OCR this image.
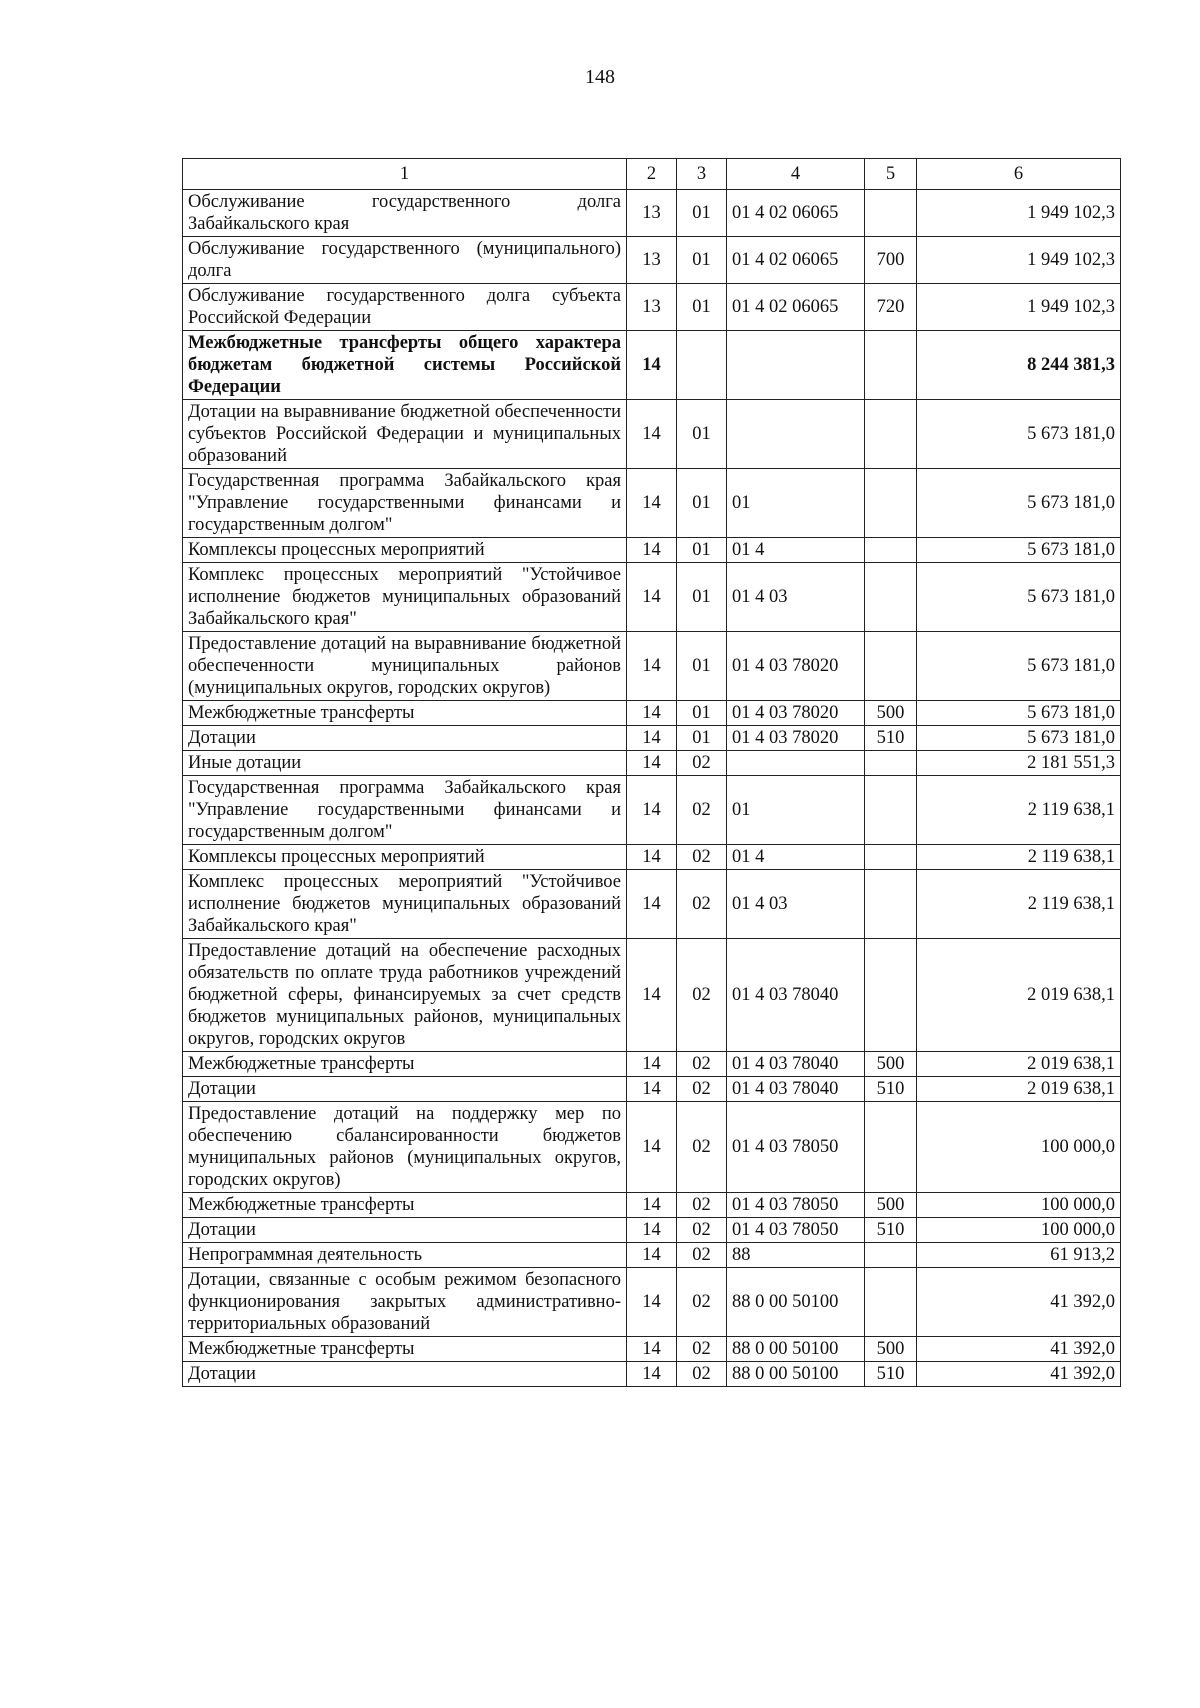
148
1	2	3	4	5	6
Обслуживание государственного долга Забайкальского края	13	01	01 4 02 06065		1 949 102,3
Обслуживание государственного (муниципального) долга	13	01	01 4 02 06065	700	1 949 102,3
Обслуживание государственного долга субъекта Российской Федерации	13	01	01 4 02 06065	720	1 949 102,3
Межбюджетные трансферты общего характера бюджетам бюджетной системы Российской Федерации	14				8 244 381,3
Дотации на выравнивание бюджетной обеспеченности субъектов Российской Федерации и муниципальных образований	14	01			5 673 181,0
Государственная программа Забайкальского края "Управление государственными финансами и государственным долгом"	14	01	01		5 673 181,0
Комплексы процессных мероприятий	14	01	01 4		5 673 181,0
Комплекс процессных мероприятий "Устойчивое исполнение бюджетов муниципальных образований Забайкальского края"	14	01	01 4 03		5 673 181,0
Предоставление дотаций на выравнивание бюджетной обеспеченности муниципальных районов (муниципальных округов, городских округов)	14	01	01 4 03 78020		5 673 181,0
Межбюджетные трансферты	14	01	01 4 03 78020	500	5 673 181,0
Дотации	14	01	01 4 03 78020	510	5 673 181,0
Иные дотации	14	02			2 181 551,3
Государственная программа Забайкальского края "Управление государственными финансами и государственным долгом"	14	02	01		2 119 638,1
Комплексы процессных мероприятий	14	02	01 4		2 119 638,1
Комплекс процессных мероприятий "Устойчивое исполнение бюджетов муниципальных образований Забайкальского края"	14	02	01 4 03		2 119 638,1
Предоставление дотаций на обеспечение расходных обязательств по оплате труда работников учреждений бюджетной сферы, финансируемых за счет средств бюджетов муниципальных районов, муниципальных округов, городских округов	14	02	01 4 03 78040		2 019 638,1
Межбюджетные трансферты	14	02	01 4 03 78040	500	2 019 638,1
Дотации	14	02	01 4 03 78040	510	2 019 638,1
Предоставление дотаций на поддержку мер по обеспечению сбалансированности бюджетов муниципальных районов (муниципальных округов, городских округов)	14	02	01 4 03 78050		100 000,0
Межбюджетные трансферты	14	02	01 4 03 78050	500	100 000,0
Дотации	14	02	01 4 03 78050	510	100 000,0
Непрограммная деятельность	14	02	88		61 913,2
Дотации, связанные с особым режимом безопасного функционирования закрытых административно-территориальных образований	14	02	88 0 00 50100		41 392,0
Межбюджетные трансферты	14	02	88 0 00 50100	500	41 392,0
Дотации	14	02	88 0 00 50100	510	41 392,0
